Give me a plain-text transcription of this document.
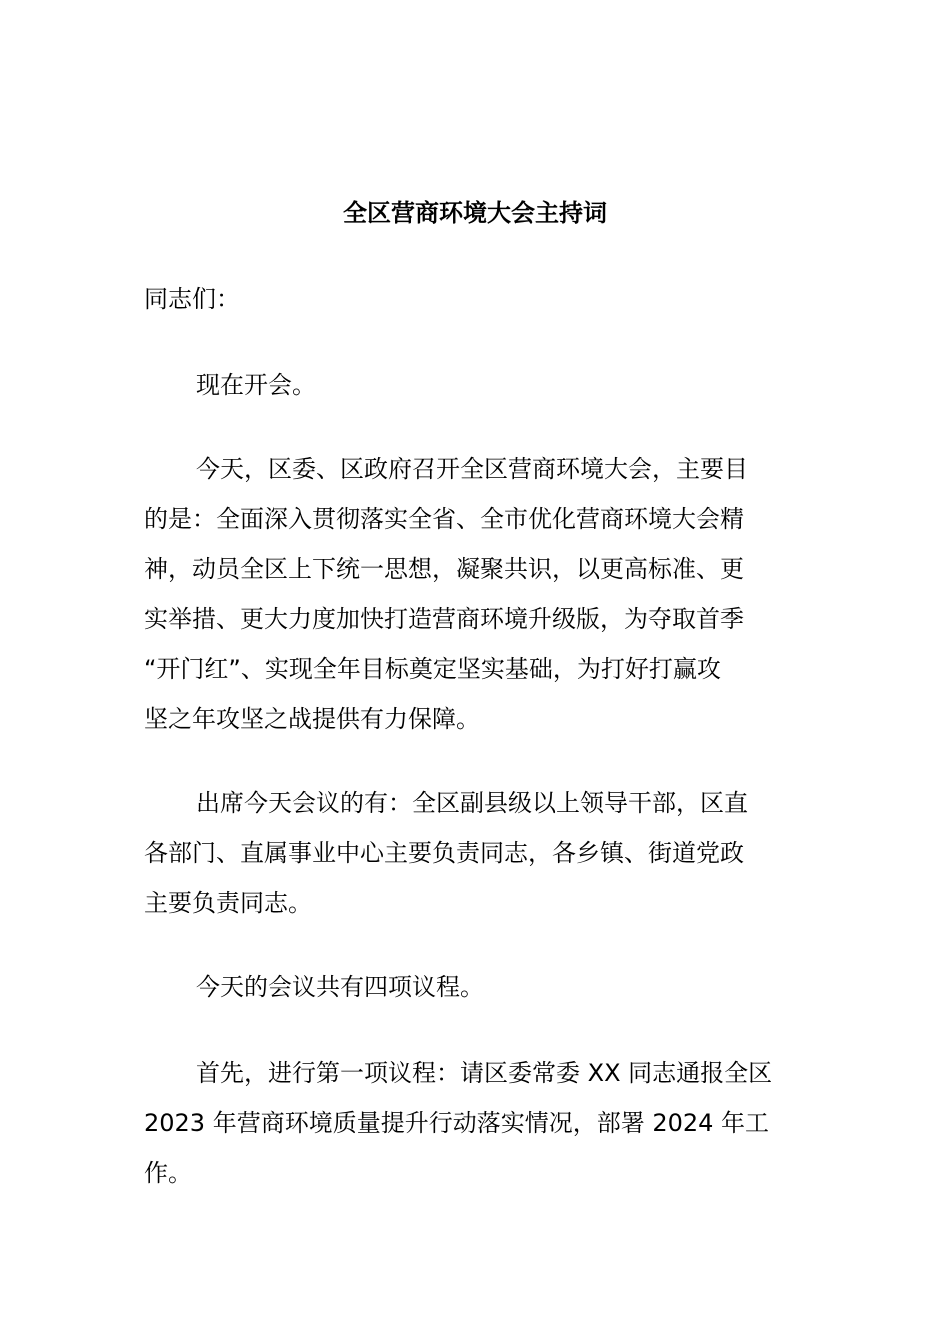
全区营商环境大会主持词

同志们：

现在开会。

今天，区委、区政府召开全区营商环境大会，主要目
的是：全面深入贯彻落实全省、全市优化营商环境大会精
神，动员全区上下统一思想，凝聚共识，以更高标准、更
实举措、更大力度加快打造营商环境升级版，为夺取首季
“开门红”、实现全年目标奠定坚实基础，为打好打赢攻
坚之年攻坚之战提供有力保障。

出席今天会议的有：全区副县级以上领导干部，区直
各部门、直属事业中心主要负责同志，各乡镇、街道党政
主要负责同志。

今天的会议共有四项议程。

首先，进行第一项议程：请区委常委 XX 同志通报全区
2023 年营商环境质量提升行动落实情况，部署 2024 年工
作。
